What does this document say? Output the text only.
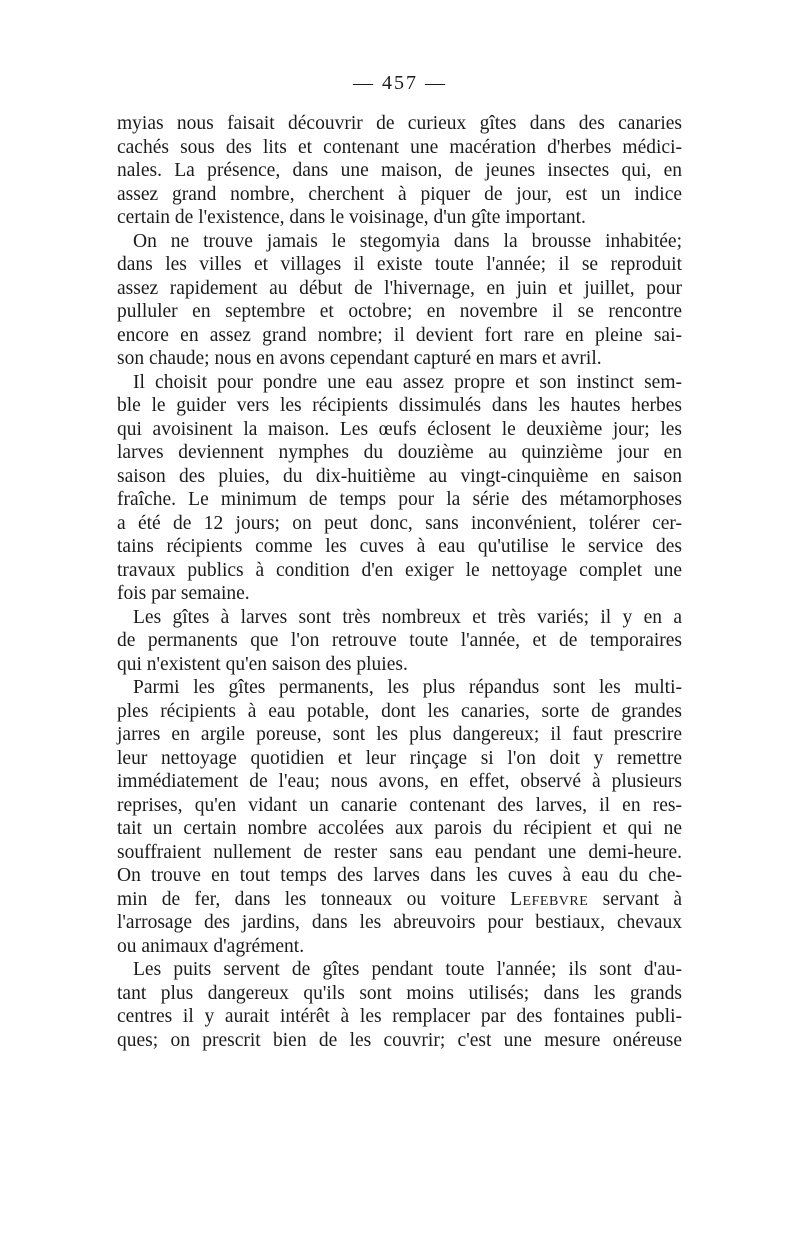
— 457 —
myias nous faisait découvrir de curieux gîtes dans des canaries
cachés sous des lits et contenant une macération d'herbes médici-
nales. La présence, dans une maison, de jeunes insectes qui, en
assez grand nombre, cherchent à piquer de jour, est un indice
certain de l'existence, dans le voisinage, d'un gîte important.
On ne trouve jamais le stegomyia dans la brousse inhabitée;
dans les villes et villages il existe toute l'année; il se reproduit
assez rapidement au début de l'hivernage, en juin et juillet, pour
pulluler en septembre et octobre; en novembre il se rencontre
encore en assez grand nombre; il devient fort rare en pleine sai-
son chaude; nous en avons cependant capturé en mars et avril.
Il choisit pour pondre une eau assez propre et son instinct sem-
ble le guider vers les récipients dissimulés dans les hautes herbes
qui avoisinent la maison. Les œufs éclosent le deuxième jour; les
larves deviennent nymphes du douzième au quinzième jour en
saison des pluies, du dix-huitième au vingt-cinquième en saison
fraîche. Le minimum de temps pour la série des métamorphoses
a été de 12 jours; on peut donc, sans inconvénient, tolérer cer-
tains récipients comme les cuves à eau qu'utilise le service des
travaux publics à condition d'en exiger le nettoyage complet une
fois par semaine.
Les gîtes à larves sont très nombreux et très variés; il y en a
de permanents que l'on retrouve toute l'année, et de temporaires
qui n'existent qu'en saison des pluies.
Parmi les gîtes permanents, les plus répandus sont les multi-
ples récipients à eau potable, dont les canaries, sorte de grandes
jarres en argile poreuse, sont les plus dangereux; il faut prescrire
leur nettoyage quotidien et leur rinçage si l'on doit y remettre
immédiatement de l'eau; nous avons, en effet, observé à plusieurs
reprises, qu'en vidant un canarie contenant des larves, il en res-
tait un certain nombre accolées aux parois du récipient et qui ne
souffraient nullement de rester sans eau pendant une demi-heure.
On trouve en tout temps des larves dans les cuves à eau du che-
min de fer, dans les tonneaux ou voiture Lefebvre servant à
l'arrosage des jardins, dans les abreuvoirs pour bestiaux, chevaux
ou animaux d'agrément.
Les puits servent de gîtes pendant toute l'année; ils sont d'au-
tant plus dangereux qu'ils sont moins utilisés; dans les grands
centres il y aurait intérêt à les remplacer par des fontaines publi-
ques; on prescrit bien de les couvrir; c'est une mesure onéreuse
